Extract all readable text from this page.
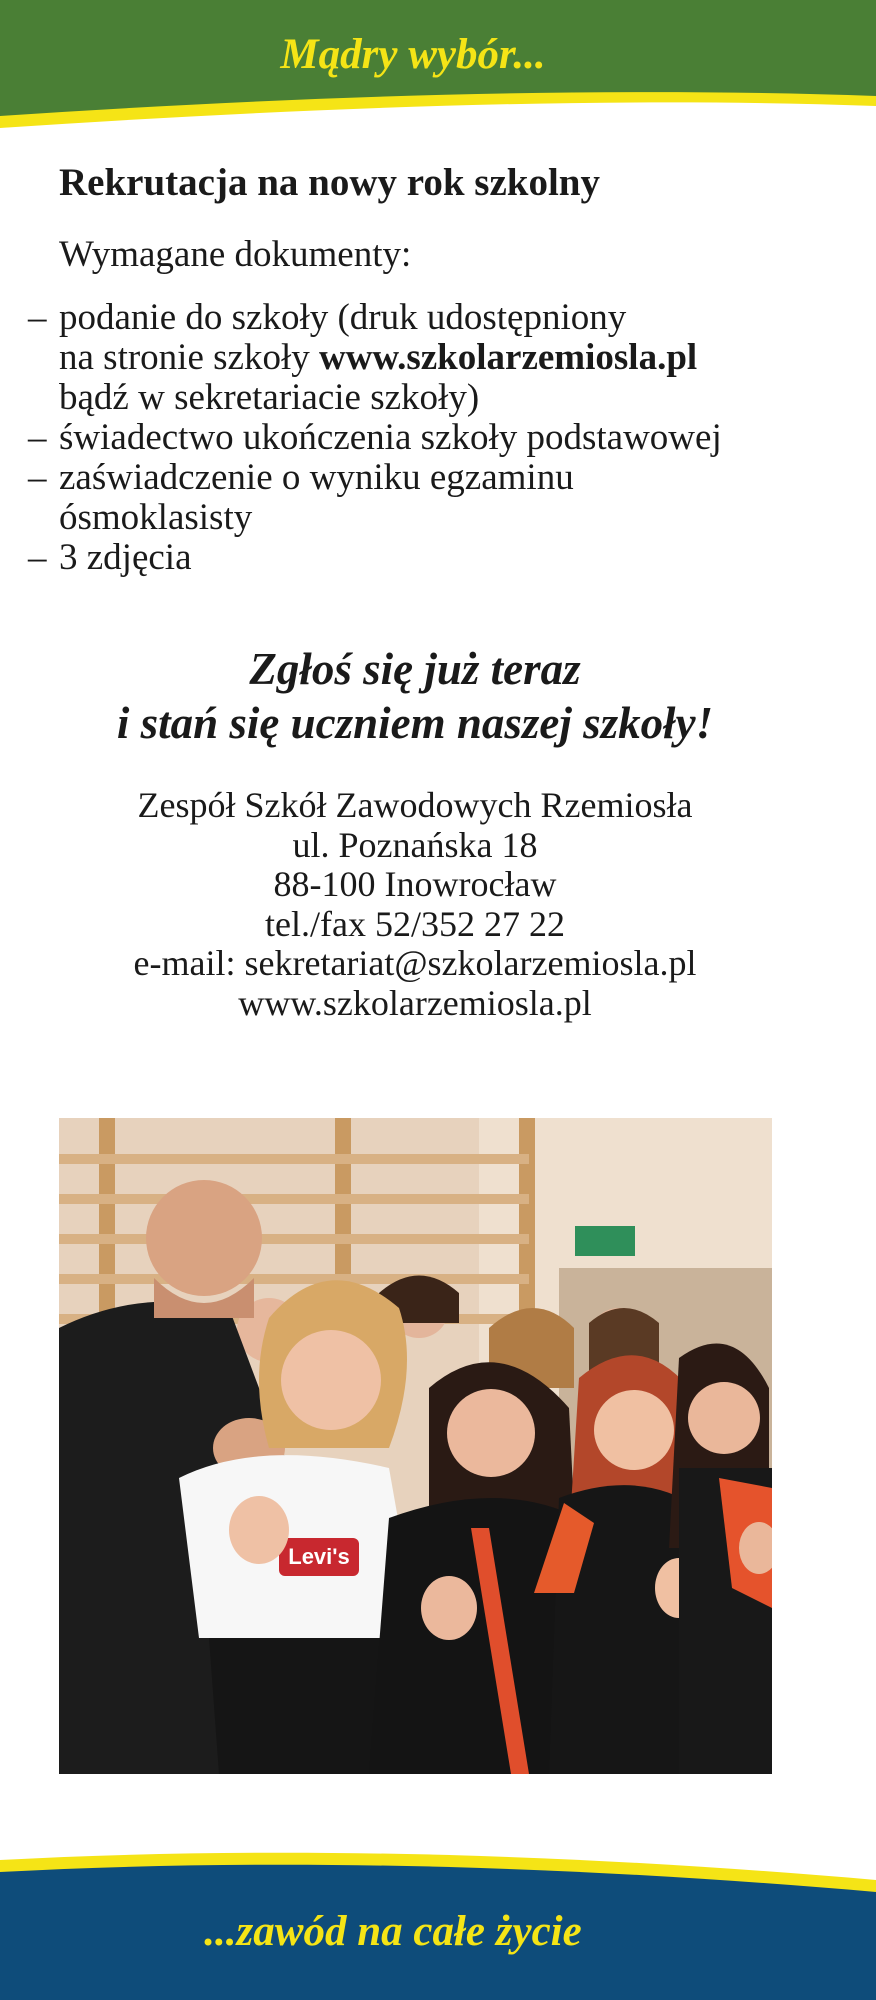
Mądry wybór...
Rekrutacja na nowy rok szkolny
Wymagane dokumenty:
– podanie do szkoły (druk udostępniony
na stronie szkoły www.szkolarzemiosla.pl
bądź w sekretariacie szkoły)
– świadectwo ukończenia szkoły podstawowej
– zaświadczenie o wyniku egzaminu
ósmoklasisty
– 3 zdjęcia
Zgłoś się już teraz
i stań się uczniem naszej szkoły!
Zespół Szkół Zawodowych Rzemiosła
ul. Poznańska 18
88-100 Inowrocław
tel./fax 52/352 27 22
e-mail: sekretariat@szkolarzemiosla.pl
www.szkolarzemiosla.pl
Levi's
...zawód na całe życie
